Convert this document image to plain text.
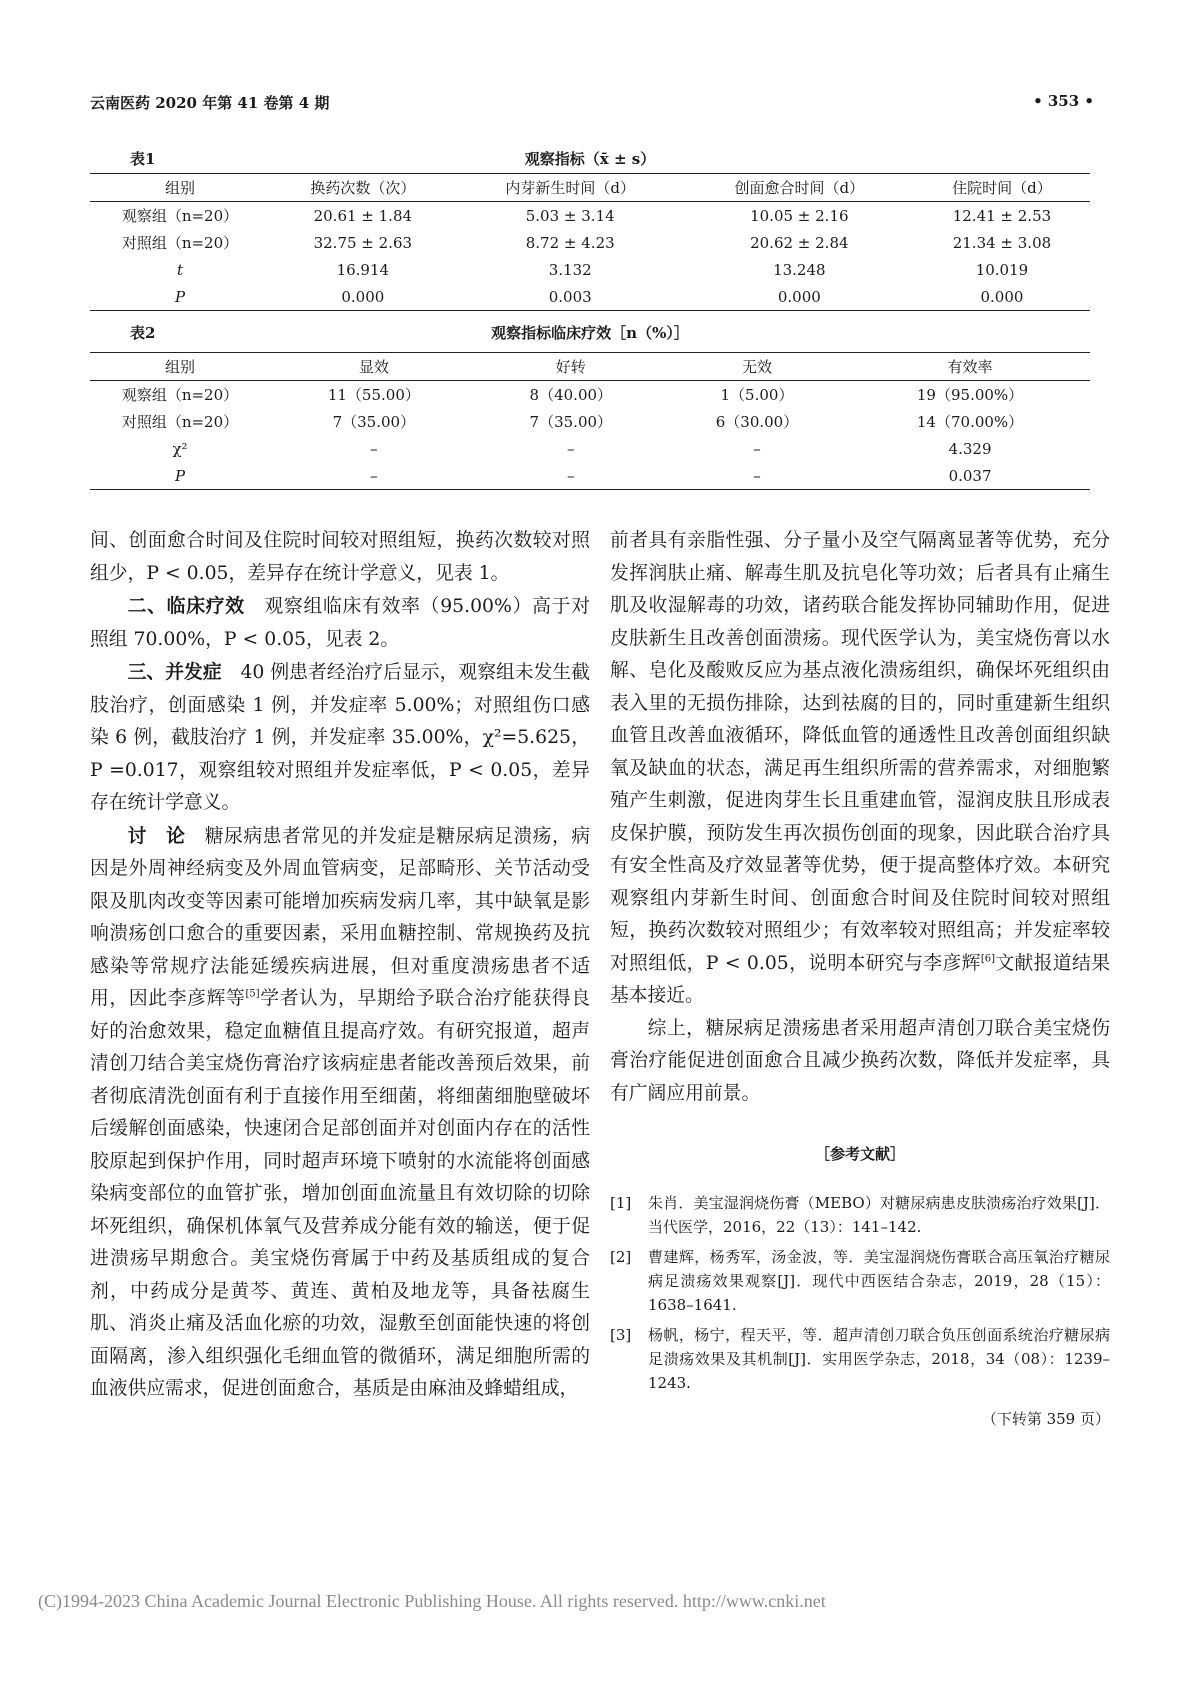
云南医药 2020 年第 41 卷第 4 期	• 353 •
表1	观察指标（x̄ ± s）
组别	换药次数（次）	内芽新生时间（d）	创面愈合时间（d）	住院时间（d）
观察组（n=20）	20.61 ± 1.84	5.03 ± 3.14	10.05 ± 2.16	12.41 ± 2.53
对照组（n=20）	32.75 ± 2.63	8.72 ± 4.23	20.62 ± 2.84	21.34 ± 3.08
t	16.914	3.132	13.248	10.019
P	0.000	0.003	0.000	0.000
表2	观察指标临床疗效［n（%）］
组别	显效	好转	无效	有效率
观察组（n=20）	11（55.00）	8（40.00）	1（5.00）	19（95.00%）
对照组（n=20）	7（35.00）	7（35.00）	6（30.00）	14（70.00%）
χ²	–	–	–	4.329
P	–	–	–	0.037

间、创面愈合时间及住院时间较对照组短，换药次数较对照组少，P < 0.05，差异存在统计学意义，见表 1。

二、临床疗效　 观察组临床有效率（95.00%）高于对照组 70.00%，P < 0.05，见表 2。

三、并发症　 40 例患者经治疗后显示，观察组未发生截肢治疗，创面感染 1 例，并发症率 5.00%；对照组伤口感染 6 例，截肢治疗 1 例，并发症率 35.00%，χ²=5.625，P =0.017，观察组较对照组并发症率低，P < 0.05，差异存在统计学意义。

讨　论　 糖尿病患者常见的并发症是糖尿病足溃疡，病因是外周神经病变及外周血管病变，足部畸形、关节活动受限及肌肉改变等因素可能增加疾病发病几率，其中缺氧是影响溃疡创口愈合的重要因素，采用血糖控制、常规换药及抗感染等常规疗法能延缓疾病进展，但对重度溃疡患者不适用，因此李彦辉等[5]学者认为，早期给予联合治疗能获得良好的治愈效果，稳定血糖值且提高疗效。有研究报道，超声清创刀结合美宝烧伤膏治疗该病症患者能改善预后效果，前者彻底清洗创面有利于直接作用至细菌，将细菌细胞壁破坏后缓解创面感染，快速闭合足部创面并对创面内存在的活性胶原起到保护作用，同时超声环境下喷射的水流能将创面感染病变部位的血管扩张，增加创面血流量且有效切除的切除坏死组织，确保机体氧气及营养成分能有效的输送，便于促进溃疡早期愈合。美宝烧伤膏属于中药及基质组成的复合剂，中药成分是黄芩、黄连、黄柏及地龙等，具备祛腐生肌、消炎止痛及活血化瘀的功效，湿敷至创面能快速的将创面隔离，渗入组织强化毛细血管的微循环，满足细胞所需的血液供应需求，促进创面愈合，基质是由麻油及蜂蜡组成，

前者具有亲脂性强、分子量小及空气隔离显著等优势，充分发挥润肤止痛、解毒生肌及抗皂化等功效；后者具有止痛生肌及收湿解毒的功效，诸药联合能发挥协同辅助作用，促进皮肤新生且改善创面溃疡。现代医学认为，美宝烧伤膏以水解、皂化及酸败反应为基点液化溃疡组织，确保坏死组织由表入里的无损伤排除，达到祛腐的目的，同时重建新生组织血管且改善血液循环，降低血管的通透性且改善创面组织缺氧及缺血的状态，满足再生组织所需的营养需求，对细胞繁殖产生刺激，促进肉芽生长且重建血管，湿润皮肤且形成表皮保护膜，预防发生再次损伤创面的现象，因此联合治疗具有安全性高及疗效显著等优势，便于提高整体疗效。本研究观察组内芽新生时间、创面愈合时间及住院时间较对照组短，换药次数较对照组少；有效率较对照组高；并发症率较对照组低，P < 0.05，说明本研究与李彦辉[6]文献报道结果基本接近。

综上，糖尿病足溃疡患者采用超声清创刀联合美宝烧伤膏治疗能促进创面愈合且减少换药次数，降低并发症率，具有广阔应用前景。

［参考文献］
[1] 朱肖．美宝湿润烧伤膏（MEBO）对糖尿病患皮肤溃疡治疗效果[J]．当代医学，2016，22（13）：141–142.
[2] 曹建辉，杨秀军，汤金波，等．美宝湿润烧伤膏联合高压氧治疗糖尿病足溃疡效果观察[J]．现代中西医结合杂志，2019，28（15）：1638–1641.
[3] 杨帆，杨宁，程天平，等．超声清创刀联合负压创面系统治疗糖尿病足溃疡效果及其机制[J]．实用医学杂志，2018，34（08）：1239–1243.
（下转第 359 页）
(C)1994-2023 China Academic Journal Electronic Publishing House. All rights reserved. http://www.cnki.net
